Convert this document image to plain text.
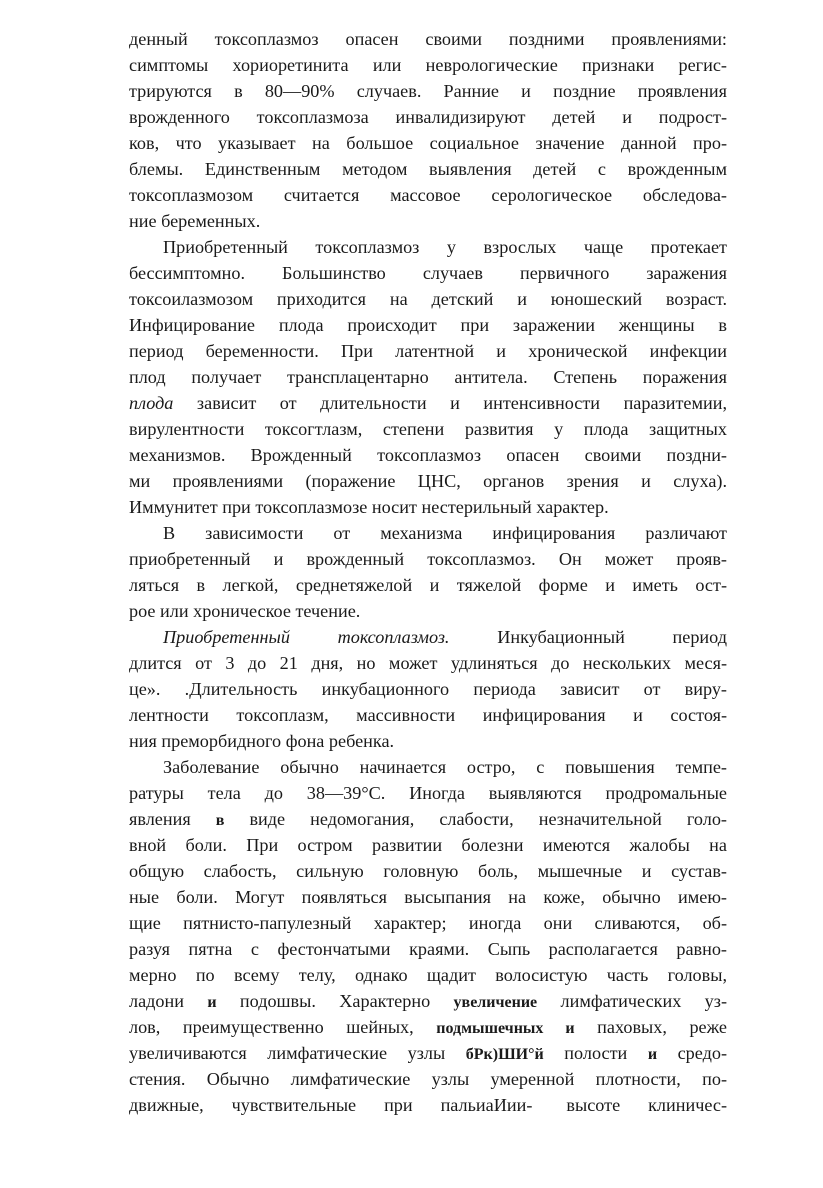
денный токсоплазмоз опасен своими поздними проявлениями:
симптомы хориоретинита или неврологические признаки регис-
трируются в 80—90% случаев. Ранние и поздние проявления
врожденного токсоплазмоза инвалидизируют детей и подрост-
ков, что указывает на большое социальное значение данной про-
блемы. Единственным методом выявления детей с врожденным
токсоплазмозом считается массовое серологическое обследова-
ние беременных.
Приобретенный токсоплазмоз у взрослых чаще протекает
бессимптомно. Большинство случаев первичного заражения
токсоилазмозом приходится на детский и юношеский возраст.
Инфицирование плода происходит при заражении женщины в
период беременности. При латентной и хронической инфекции
плод получает трансплацентарно антитела. Степень поражения
плода зависит от длительности и интенсивности паразитемии,
вирулентности токсогтлазм, степени развития у плода защитных
механизмов. Врожденный токсоплазмоз опасен своими поздни-
ми проявлениями (поражение ЦНС, органов зрения и слуха).
Иммунитет при токсоплазмозе носит нестерильный характер.
В зависимости от механизма инфицирования различают
приобретенный и врожденный токсоплазмоз. Он может прояв-
ляться в легкой, среднетяжелой и тяжелой форме и иметь ост-
рое или хроническое течение.
Приобретенный токсоплазмоз. Инкубационный период
длится от 3 до 21 дня, но может удлиняться до нескольких меся-
це». .Длительность инкубационного периода зависит от виру-
лентности токсоплазм, массивности инфицирования и состоя-
ния преморбидного фона ребенка.
Заболевание обычно начинается остро, с повышения темпе-
ратуры тела до 38—39°С. Иногда выявляются продромальные
явления в виде недомогания, слабости, незначительной голо-
вной боли. При остром развитии болезни имеются жалобы на
общую слабость, сильную головную боль, мышечные и сустав-
ные боли. Могут появляться высыпания на коже, обычно имею-
щие пятнисто-папулезный характер; иногда они сливаются, об-
разуя пятна с фестончатыми краями. Сыпь располагается равно-
мерно по всему телу, однако щадит волосистую часть головы,
ладони и подошвы. Характерно увеличение лимфатических уз-
лов, преимущественно шейных, подмышечных и паховых, реже
увеличиваются лимфатические узлы бРк)ШИ°й полости и средо-
стения. Обычно лимфатические узлы умеренной плотности, по-
движные, чувствительные при пальиаИии- высоте клиничес-
